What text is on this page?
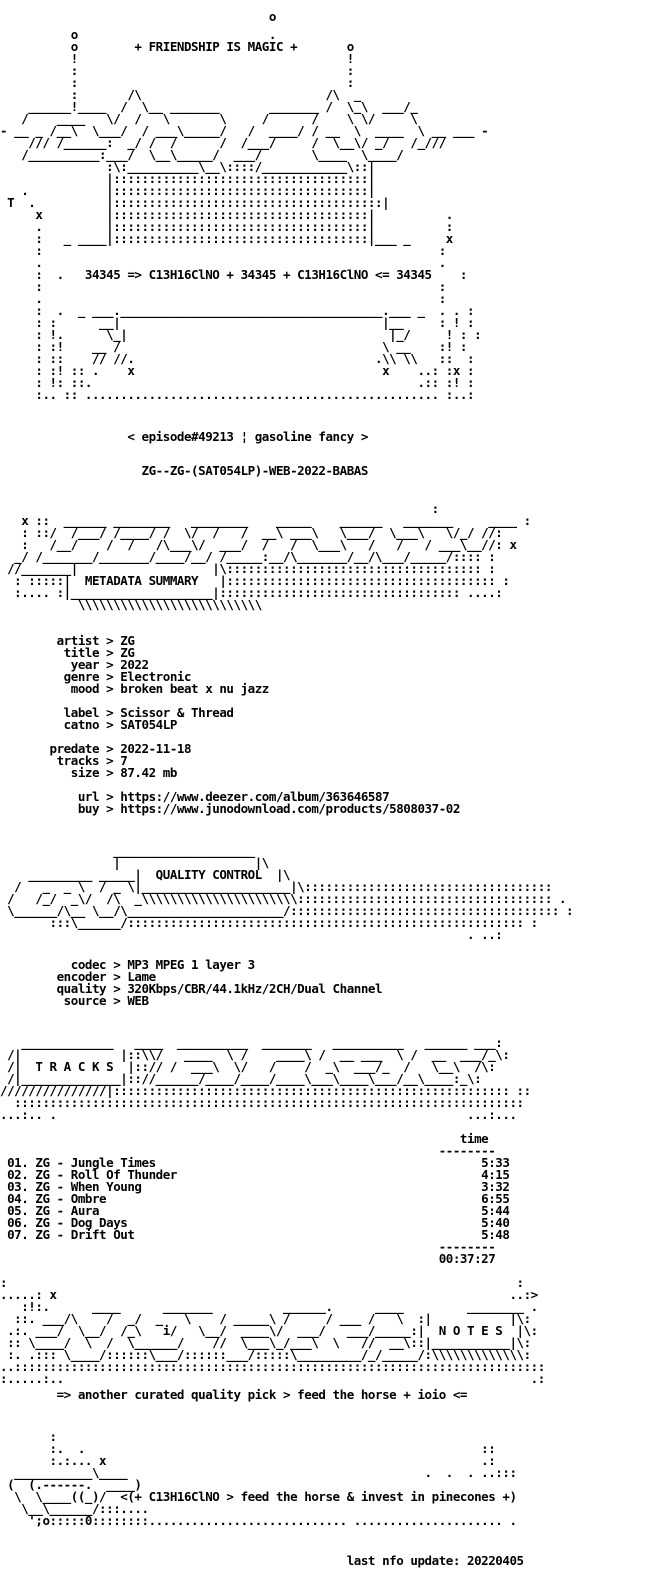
o
o                           .
o        + FRIENDSHIP IS MAGIC +       o
!                                      !
:                                      :
:                                      :
:       /\                          /\  _
______!____  /  \__ _______       _______ /  \_\  ___/_
/    ____   \/  /   \       \     /      /    \ \/     \
- __ _ /__\  \___/  / ___\_____/   /  ____/ / __  \  ____  \ __ ___ -
/// /______:  _/ /  /      /  /___/     /  \__\/ _/   /_///
/__________:___/  \__\_____/  ___/       \____  \____/
:\:__________\__\::::/____________\::|
|::::::::::::::::::::::::::::::::::::|
.           |::::::::::::::::::::::::::::::::::::|
T  .          |::::::::::::::::::::::::::::::::::::::|
x         |::::::::::::::::::::::::::::::::::::|          .
.         |::::::::::::::::::::::::::::::::::::|          :
:   _ ____|::::::::::::::::::::::::::::::::::::|___ _     x
:                                                        :
.                                                        .
:  .   34345 => C13H16ClNO + 34345 + C13H16ClNO <= 34345    :
:                                                        :
.                                                        :
:  .  _ ___._____________________________________.___ _  . . :
: :      __|                                     |__     : ! :
: !.      \_|                                     |_/     ! : :
: :!    __ /                                     \ __    :! :
: ::    // //.                                  .\\ \\   ::  :
: :! :: .    x                                   x    ..: :x :
: !: ::.                                              .:: :! :
:.. :: .................................................. :..:
< episode#49213 ¦ gasoline fancy >
ZG--ZG-(SAT054LP)-WEB-2022-BABAS
:
x ::  ______ ________   ________    _____    ______   _______     ____ :
: ::/  /___/ /____/ /  \/  /   /  __\ ___\   \___/  \___\   \/_/ //:
:   /__/    /  /   /\___\/  ___/  /   /  \___\   /   /   / ___\__//: x
_/ /_______/_______/____/__/ /_____:__/\_______/__/\___/_____/:::: :
//_______|                   |\:::::::::::::::::::::::::::::::::::: :
: :::::|  METADATA SUMMARY   |:::::::::::::::::::::::::::::::::::::: :
:.... :|____________________|:::::::::::::::::::::::::::::::::: ....:
\\\\\\\\\\\\\\\\\\\\\\\\\\
artist > ZG
title > ZG
year > 2022
genre > Electronic
mood > broken beat x nu jazz
label > Scissor & Thread
catno > SAT054LP
predate > 2022-11-18
tracks > 7
size > 87.42 mb
url > https://www.deezer.com/album/363646587
buy > https://www.junodownload.com/products/5808037-02
____________________
|                   |\
_________ _____|  QUALITY CONTROL  |\
/   _  _ \  / _ \|_____________________|\:::::::::::::::::::::::::::::::::::
/   /_/  _\/  /\  _\\\\\\\\\\\\\\\\\\\\\\:::::::::::::::::::::::::::::::::::: .
\______/\__ \__/\______________________/:::::::::::::::::::::::::::::::::::::: :
:::\______/:::::::::::::::::::::::::::::::::::::::::::::::::::::::: :
. ..:
codec > MP3 MPEG 1 layer 3
encoder > Lame
quality > 320Kbps/CBR/44.1kHz/2CH/Dual Channel
source > WEB
_____________   ____  __________  _______   __________   ______ ___:
/|              |::\\/   ____  \ /    ____\ /  __ ___  \ /  __  ___/_\:
/|  T R A C K S  |::// /  ___\  \/   /    /  _\  ___/_  /   \__\  /\:
/|______________|:://______/____/____/____\___\____\___/__\____:_\:
///////////////|:::::::::::::::::::::::::::::::::::::::::::::::::::::::: ::
::::::::::::::::::::::::::::::::::::::::::::::::::::::::::::::::::::::::
...:.. .                                                          ...:...
time
--------
01. ZG - Jungle Times                                              5:33
02. ZG - Roll Of Thunder                                           4:15
03. ZG - When Young                                                3:32
04. ZG - Ombre                                                     6:55
05. ZG - Aura                                                      5:44
06. ZG - Dog Days                                                  5:40
07. ZG - Drift Out                                                 5:48
--------
00:37:27
:                                                                        :
.....: x                                                                ..:>
:!:.      ____      _______          ______.      ____         ________ .
::. ___/\    /  _/  _   \    / _____\ /     / ___ /   \  :|           |\:
.:. ___/  \__/  /_\   i/   \__/  ____\/  ___/   ___/_____:|  N O T E S  |\:
:: \____/  \  /  \______/    //  \___\_/___\  \   //  __\::|___________|\:
:. .::: \____/::::::\___/::::::___/:::::\_________/_/_____/:\\\\\\\\\\\\\:
..:::::::::::::::::::::::::::::::::::::::::::::::::::::::::::::::::::::::::::
:.....:..                                                                  .:
=> another curated quality pick > feed the horse + ioio <=
:
:.  .                                                        ::
:.:... x                                                     .:
___________\____                                          .  .  . ..:::
(  (.------.  ____)
\  \____((_)/  <(+ C13H16ClNO > feed the horse & invest in pinecones +)
\__\______/:::....
';o:::::0::::::::............................ ..................... .
last nfo update: 20220405
